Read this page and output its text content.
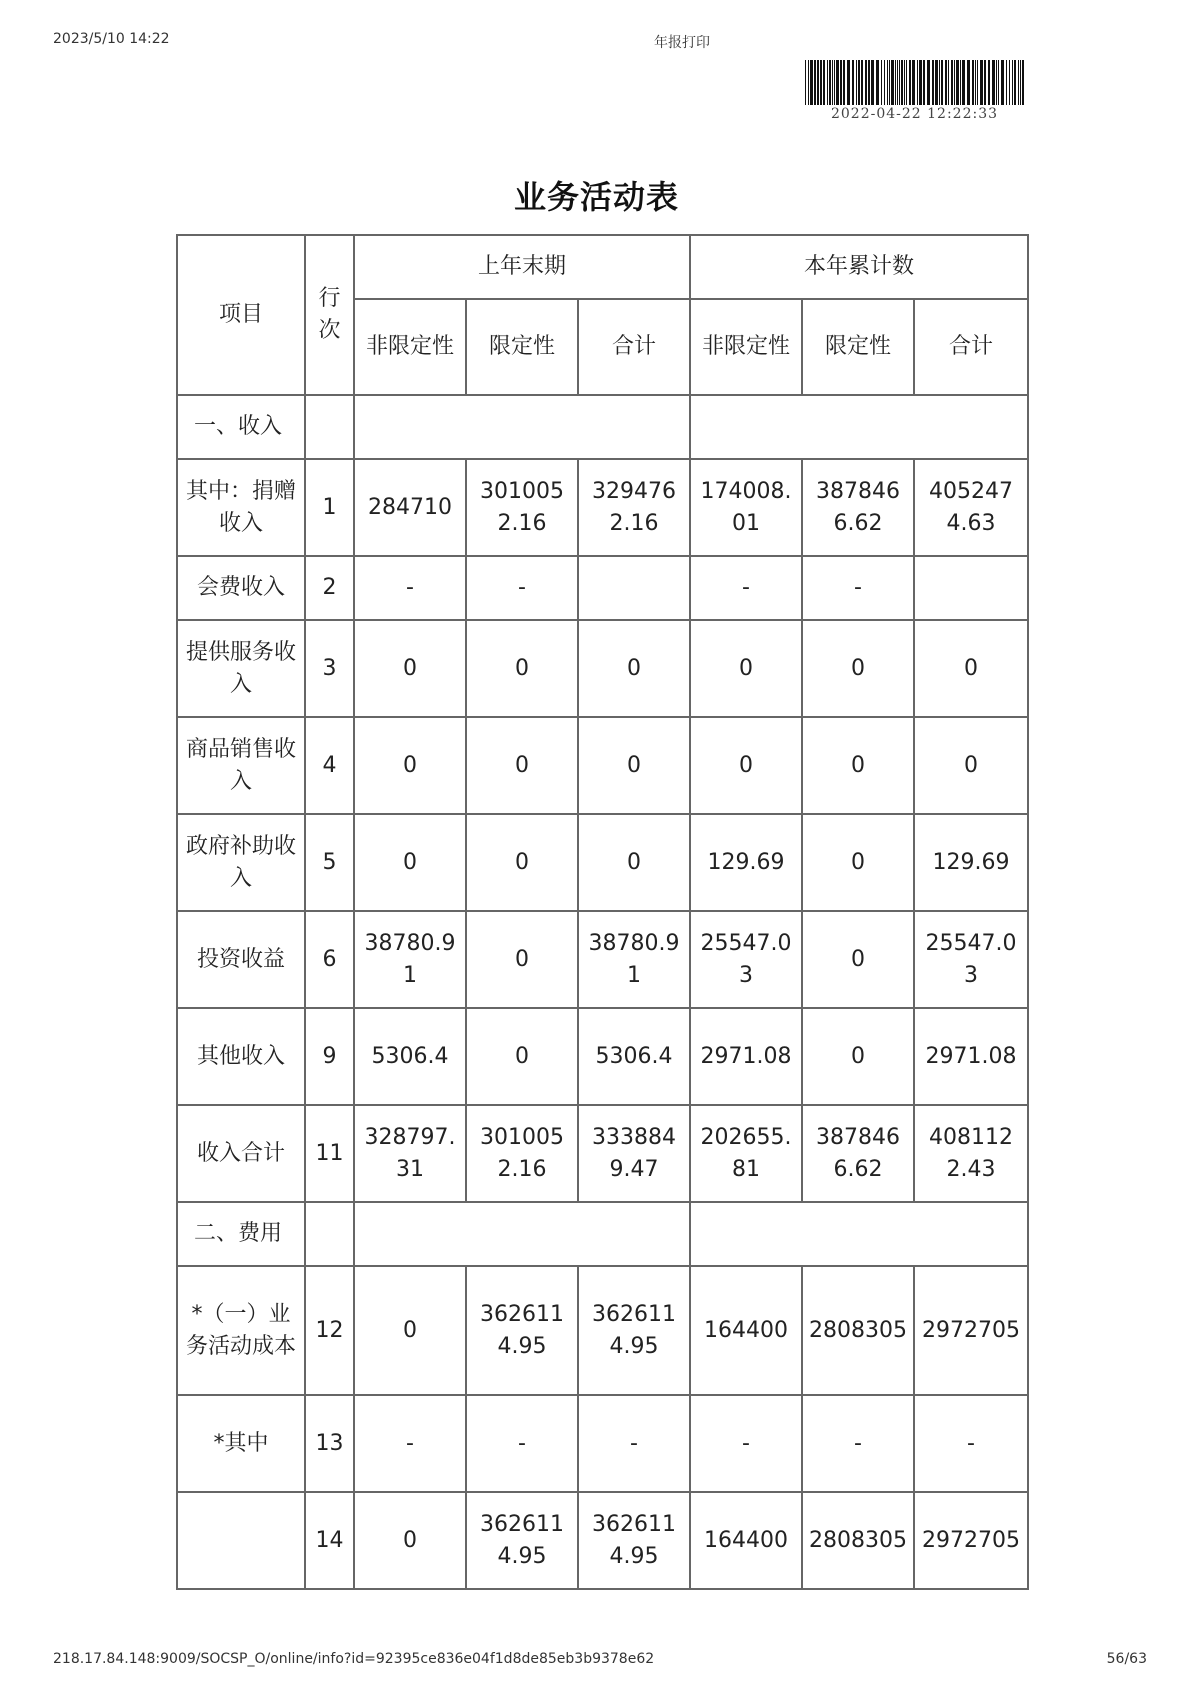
2023/5/10 14:22	年报打印
2022-04-22 12:22:33
业务活动表
项目	行次	上年末期			本年累计数		
		非限定性	限定性	合计	非限定性	限定性	合计
一、收入							
其中：捐赠收入	1	284710	3010052.16	3294762.16	174008.01	3878466.62	4052474.63
会费收入	2	-	-		-	-	
提供服务收入	3	0	0	0	0	0	0
商品销售收入	4	0	0	0	0	0	0
政府补助收入	5	0	0	0	129.69	0	129.69
投资收益	6	38780.91	0	38780.91	25547.03	0	25547.03
其他收入	9	5306.4	0	5306.4	2971.08	0	2971.08
收入合计	11	328797.31	3010052.16	3338849.47	202655.81	3878466.62	4081122.43
二、费用							
*（一）业务活动成本	12	0	3626114.95	3626114.95	164400	2808305	2972705
*其中	13	-	-	-	-	-	-
	14	0	3626114.95	3626114.95	164400	2808305	2972705
218.17.84.148:9009/SOCSP_O/online/info?id=92395ce836e04f1d8de85eb3b9378e62	56/63
